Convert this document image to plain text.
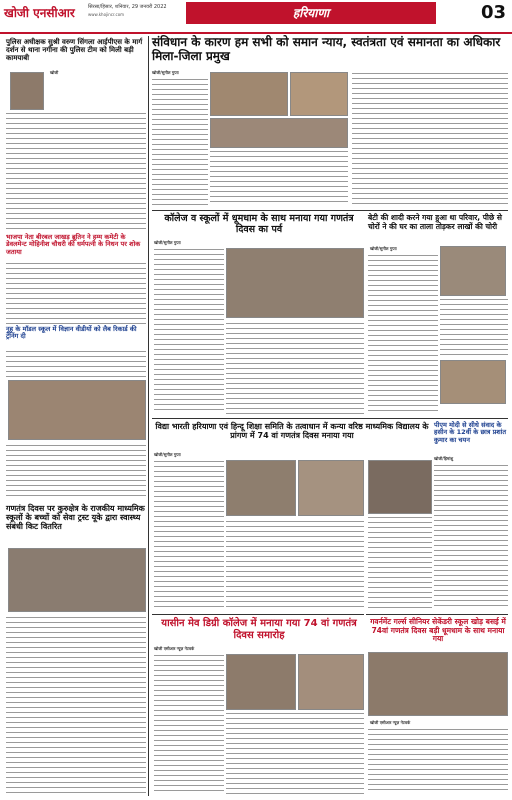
खोजी एनसीआर	सिरसा/हिसार, शनिवार, 29 जनवरी 2022
www.khojincr.com	हरियाणा	03
पुलिस अधीक्षक सुश्री वरुण सिंगला आईपीएस के मार्ग दर्शन से थाना नगीना की पुलिस टीम को मिली बड़ी कामयाबी
खोजी
भाजपा नेता बीरबल जाखड़ ब्रूतिन ने हम्म कमेटी के डेवलमेन्ट मोहिनीश चौधरी की धर्मपत्नी के निधन पर शोक जताया
नूह के मॉडल स्कूल में विज्ञान वीडीयों को लैब रिकार्ड की ट्रेनिंग दी
गणतंत्र दिवस पर कुरुक्षेत्र के राजकीय माध्यमिक स्कूलों के बच्चों को सेवा ट्रस्ट यूके द्वारा स्वास्थ्य संबंधी किट वितरित
संविधान के कारण हम सभी को समान न्याय, स्वतंत्रता एवं समानता का अधिकार मिला-जिला प्रमुख
खोजी/सुनील गुप्ता
कॉलेज व स्कूलों में धूमधाम के साथ मनाया गया गणतंत्र दिवस का पर्व
खोजी/सुनील गुप्ता
बेटी की शादी करने गया हुआ था परिवार, पीछे से चोरों ने की घर का ताला तोड़कर लाखों की चोरी
खोजी/सुनील गुप्ता
विद्या भारती हरियाणा एवं हिन्दू शिक्षा समिति के तत्वाधान में कन्या वरिष्ठ माध्यमिक विद्यालय के प्रांगण में 74 वां गणतंत्र दिवस मनाया गया
खोजी/सुनील गुप्ता
पीएम मोदी से सीधे संवाद के हसीन के 12वीं के छात्र प्रशांत कुमार का चयन
खोजी/हिमांशु
यासीन मेव डिग्री कॉलेज में मनाया गया 74 वां गणतंत्र दिवस समारोह
खोजी एसीआर न्यूज़ नेटवर्क
गवर्नमेंट गर्ल्स सीनियर सेकेंडरी स्कूल खोड़ बसई में 74वां गणतंत्र दिवस बड़ी धूमधाम के साथ मनाया गया
खोजी एसीआर न्यूज़ नेटवर्क
